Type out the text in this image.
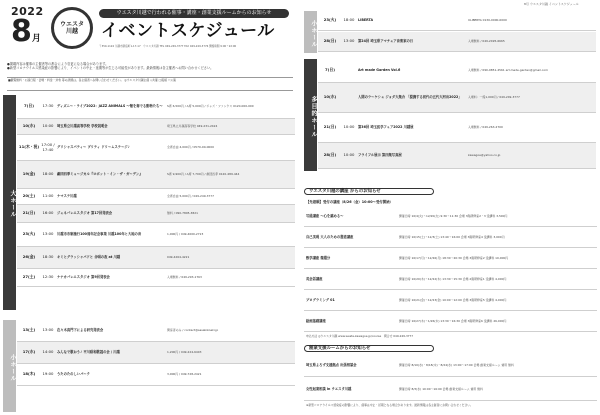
2022
8月
ウエスタ
川越
ウエスタ川越で行われる催事・講座・創業支援ルームからのお知らせ
イベントスケジュール
〒350-1124 川越市新宿町1-17-17　ウエスタ川越 TEL 049-249-3777 FAX 049-249-3776 開館時間 9:00〜22:00
●掲載内容は催事の主催者等の都合により変更になる場合があります。
●新型コロナウイルス感染症の影響により、イベントの中止・延期等が生じる可能性があります。最新情報は各主催者へお問い合わせください。
■観覧無料・公演日程・会場・料金・対象 等の詳細は、各主催者へお問い合わせください。 ◎ウエスタ川越主催 ◇共催 □後援 ☆公演
大ホール
7(日)	17:30	ディズニー・ライブ2022：JAZZ ANIMALS 〜懐を奏でる動物たち〜	S席 6,500円 / A席 5,000円 / ジャズ・ファンクス 0120-000-000
10(水)	10:00	埼玉県立川越高等学校 学校説明会	埼玉県立川越高等学校 049-231-2424
11(木・祝) 17:00 / 17:40	グリシャスパティー プリティ ドリームステージ♪	全席自由 4,000円 / 0570-00-0000
19(金)	18:00	劇団四季ミュージカル『ロボット・イン・ザ・ガーデン』	S席 9,900円 / A席 7,700円 / 劇団四季 0120-489-444
20(土)	11:00	ナマステ川越	全席自由 5,000円 / 049-249-3777
21(日)	16:00	ジェネバレエスタジオ 第17回発表会	無料 / 090-7805-3821
23(火)	13:00	川越市市制施行100周年記念事業 川越100年と大地の音	1,000円 / 049-4000-2723
26(金)	18:30	キミとグラッシャパドと 合唱の夜 at 川越	049-4264-4221
27(土)	12:30	ナナカバレエスタジオ 第9回発表会	入場無料 / 049-293-1763
小ホール
13(土)	13:00	在々木真門下による研究発表会	関係者のみ / contact@sasakikoaki.jp
17(水)	14:00	みんなで歌おう♪ 平川昭和歌謡の会 / 川越	1,200円 / 049-224-6403
18(木)	19:00	うたのたのしいパーク	3,000円 / 049-728-2421
8月 ウエスタ川越 イベントスケジュール
小ホール 23(火)	18:00	LIBERTA	ULIBERTA 0130-0000-0000
28(日)	13:00	第24回 埼玉県アマチュア音楽家の日	入場無料 / 049-2495-6665
多目的ホール
7(日)	Art made Garden Vol.6	入場無料 / 090-9851-4561 art.made.garden@gmail.com
10(水)	人間のラーケシュ ジョダ大集合 「提携する初代の五代大河出2022」	入場料：一般1,000円 / 049-249-3777
21(日)	10:00	第36回 埼玉医学フェア2022 川越展	入場無料 / 049-263-2700
28(日)	10:00	フライフル展示 第四集写真展	kawagoe@yahoo.co.jp
ウエスタ川越の講座 からのお知らせ
【先着順】受付の講座（8/26（金）10:00〜受付開始）
写経講座 〜心を鎮める〜	開催日時 10/4(火)〜12/20(火) 9:30〜11:30 会場 3階研修室2・3 受講料 3,500円
自己実現 大人のための書道講座	開催日時 10/15(土)〜12/3(土) 13:40〜16:00 会場 3階研修室4 受講料 3,000円
数学講座 微積分	開催日時 10/17(月)〜12/26(月) 18:30〜20:30 会場 3階研修室2 受講料 10,000円
英会話講座	開催日時 10/20(木)〜12/22(木) 13:30〜15:30 会場 2階研修室1 受講料 4,000円
プログラミング 01	開催日時 10/21(金)〜12/23(金) 10:00〜12:00 会場 3階研修室5 受講料 4,000円
絵画基礎講座	開催日時 10/27(木)〜1/26(木) 13:30〜16:30 会場 3階研修室6 受講料 26,000円
申込方法 ◎ウエスタ川越 www.westa-kawagoe.jp/course　問合せ 049-249-3777
創業支援ルームからのお知らせ
埼玉県よろず支援拠点 出張相談会	開催日時 8/10(水)・8/18(木)・8/24(水) 13:00〜17:00 会場 創業支援ルーム 費用 無料
女性起業相談 in ウエスタ川越	開催日時 8/3(水) 10:00〜16:00 会場 創業支援ルーム 費用 無料
※新型コロナウイルス感染症の影響により、催事は中止・延期となる場合があります。最新情報は各主催者にお問い合わせください。
